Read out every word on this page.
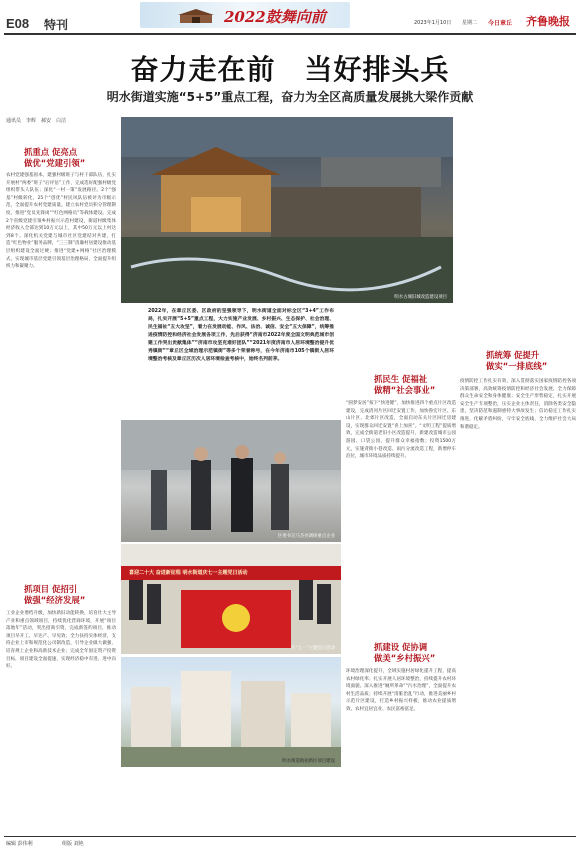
E08 特刊	2022鼓舞向前	2023年1月10日 星期二 今日章丘 齐鲁晚报
奋力走在前　当好排头兵
明水街道实施“5+5”重点工程，奋力为全区高质量发展挑大梁作贡献
通讯员　李辉　郝安　白洁
抓重点 促亮点
做优“党建引领”
农村党建强基固本，建强村级班子与村干部队伍，扎实开展村“两委”班子“后评估”工作，完成选好配强村级党组织带头人队伍；深化“一村一策”发展路径。2个“强基”村级转化，25个“创优”村民风队伍被评为市级示范，全面提升农村党建质量。建立农村党员积分管理制度，推进“党员先锋岗”“红色网格员”等载体建设。完成2个省级党建引领乡村振兴示范村建设，街道村级集体经济收入全部达到10万元以上，其中50万元以上村达到8个。深化机关党建与城市社区党建结对共建，打造“红色物业”服务品牌，“三三制”清廉村居建设推动基层组织建设全面过硬；推进“党建+网格”社区治理模式，实现城市基层党建引领基层治理格局，全面提升组织力和凝聚力。
抓项目 促招引
做强“经济发展”
工业企业增档升级，加快新旧动能转换，培育壮大主导产业和重点领域项目，持续优化营商环境，开展“项目落地年”活动，突出招商引资，完成新签约项目，推动项目早开工、早达产、早见效；全力扶持实体经济，支持企业上市和规范化公司制改造，引导企业做大做强，培育规上企业和高新技术企业；完成全年固定资产投资目标，项目建设全面提速，实现经济稳中有进、进中向好。
明水古城旧城改造建设项目
2022年，在章丘区委、区政府的坚强领导下，明水街道全面对标全区“3+4”工作布局，扎实开展“5+5”重点工程，大力实施产业发展、乡村振兴、生态保护、社会治理、民生福祉“五大攻坚”，着力在发展动能、作风、法治、诚信、安全“五大保障”，统筹推进疫情防控和经济社会发展各项工作，先后获得“济南市2022年度全国文明典范城市创建工作突出贡献集体”“济南市攻坚克难好团队”“2021年度济南市人居环境整治提升优秀镇街”“章丘区全域治理示范镇街”等多个荣誉称号，在今年济南市105个镇街人居环境整治考核及章丘区历次人居环境检查考核中，始终名列前茅。
区委书记马杰亮调研重点企业
喜迎二十大 奋进新征程 明水街道庆七一主题党日活动
庆“七一”主题党日活动
明水街道航拍新区项目建设
抓民生 促福祉
做精“社会事业”
“圆梦安居”按下“快进键”，加快推进四个重点片区改造建设，完成清河片区回迁安置工作，加快鲁宏片区、东山片区、北郊片区改造，全面启动东关片区回迁房建设，实现群众回迁安置“喜上加喜”。“文明工程”提质增效，完成全街道老旧小区改造提升，新建改造城市公园游园、口袋公园，提升群众幸福指数；投资1500万元，实施背街小巷改造、雨污分流改造工程，新增停车泊位，城市环境品质持续提升。
抓建设 促协调
做美“乡村振兴”
环境治理深化提升，全域实施村居绿化提升工程，提高农村绿化率；扎实开展人居环境整治，持续提升农村环境面貌。深入推进“厕所革命”“污水治理”，全面提升农村生活品质；持续开展“清脏治乱”行动，推进美丽乡村示范片区建设，打造乡村振兴样板，推动农业提质增效、农村宜居宜业、农民富裕富足。
抓统筹 促提升
做实“一排底线”
疫情防控工作扎实有效，深入贯彻落实国家疫情防控各项决策部署，高效统筹疫情防控和经济社会发展，全力保障群众生命安全和身体健康；安全生产形势稳定，扎实开展安全生产专项整治，压实企业主体责任，消除各类安全隐患，坚决防范和遏制重特大事故发生；信访稳定工作扎实推进，化解矛盾纠纷，守牢安全底线，全力维护社会大局和谐稳定。
编辑 彭伟利	组版 刘艳
